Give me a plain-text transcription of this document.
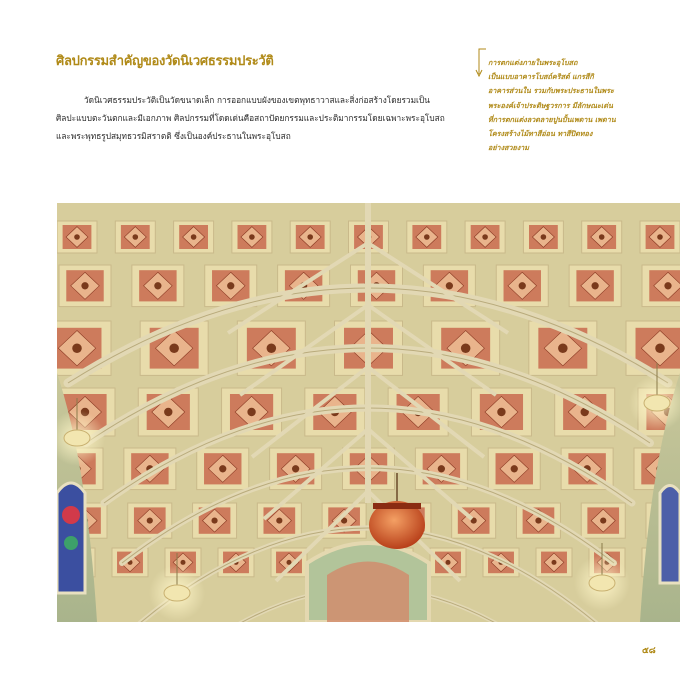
ศิลปกรรมสำคัญของวัดนิเวศธรรมประวัติ

วัดนิเวศธรรมประวัติเป็นวัดขนาดเล็ก การออกแบบผังของเขตพุทธาวาสและสิ่งก่อสร้างโดยรวมเป็นศิลปะแบบตะวันตกและมีเอกภาพ ศิลปกรรมที่โดดเด่นคือสถาปัตยกรรมและประติมากรรมโดยเฉพาะพระอุโบสถและพระพุทธรูปสมุทธวรมิสราตติ ซึ่งเป็นองค์ประธานในพระอุโบสถ

การตกแต่งภายในพระอุโบสถ
เป็นแบบอาคารโบสถ์คริสต์ แกรสีกิ
อาคารส่วนใน รวมกับพระประธานในพระ
พระองค์เจ้าประดิษฐวรการ มีลักษณะเด่น
ที่การตกแต่งลวดลายปูนปั้นเพดาน เพดาน
โครงสร้างไม้ทาสีอ่อน ทาสีปิดทอง
อย่างสวยงาม
๕๘
